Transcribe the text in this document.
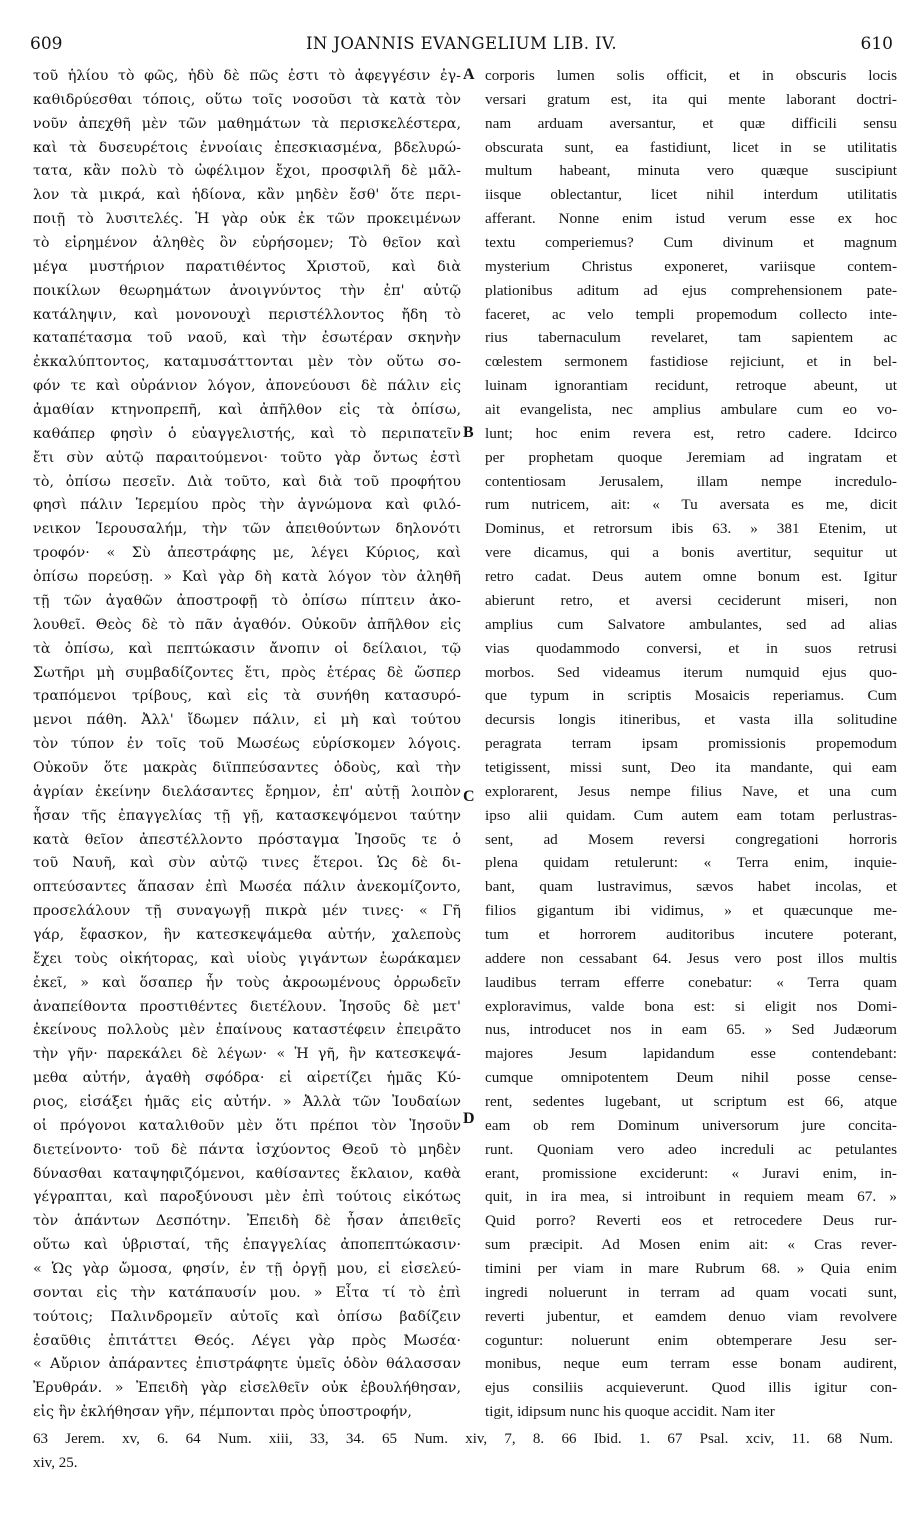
609	IN JOANNIS EVANGELIUM LIB. IV.	610
τοῦ ἡλίου τὸ φῶς, ἡδὺ δὲ πῶς ἐστι τὸ ἀφεγγέσιν ἐγ-
καθιδρύεσθαι τόποις, οὕτω τοῖς νοσοῦσι τὰ κατὰ τὸν
νοῦν ἀπεχθῆ μὲν τῶν μαθημάτων τὰ περισκελέστερα,
καὶ τὰ δυσευρέτοις ἐννοίαις ἐπεσκιασμένα, βδελυρώ-
τατα, κἂν πολὺ τὸ ὠφέλιμον ἔχοι, προσφιλῆ δὲ μᾶλ-
λον τὰ μικρά, καὶ ἡδίονα, κἂν μηδὲν ἔσθ' ὅτε περι-
ποιῇ τὸ λυσιτελές. Ἡ γὰρ οὐκ ἐκ τῶν προκειμένων
τὸ εἰρημένον ἀληθὲς ὂν εὑρήσομεν; Τὸ θεῖον καὶ
μέγα μυστήριον παρατιθέντος Χριστοῦ, καὶ διὰ
ποικίλων θεωρημάτων ἀνοιγνύντος τὴν ἐπ' αὐτῷ
κατάληψιν, καὶ μονονουχὶ περιστέλλοντος ἤδη τὸ
καταπέτασμα τοῦ ναοῦ, καὶ τὴν ἐσωτέραν σκηνὴν
ἐκκαλύπτοντος, καταμυσάττονται μὲν τὸν οὕτω σο-
φόν τε καὶ οὐράνιον λόγον, ἀπονεύουσι δὲ πάλιν εἰς
ἀμαθίαν κτηνοπρεπῆ, καὶ ἀπῆλθον εἰς τὰ ὀπίσω,
καθάπερ φησὶν ὁ εὐαγγελιστής, καὶ τὸ περιπατεῖν
ἔτι σὺν αὐτῷ παραιτούμενοι· τοῦτο γὰρ ὄντως ἐστὶ
τὸ, ὀπίσω πεσεῖν. Διὰ τοῦτο, καὶ διὰ τοῦ προφήτου
φησὶ πάλιν Ἱερεμίου πρὸς τὴν ἀγνώμονα καὶ φιλό-
νεικον Ἱερουσαλήμ, τὴν τῶν ἀπειθούντων δηλονότι
τροφόν· « Σὺ ἀπεστράφης με, λέγει Κύριος, καὶ
ὀπίσω πορεύσῃ. » Καὶ γὰρ δὴ κατὰ λόγον τὸν ἀληθῆ
τῇ τῶν ἀγαθῶν ἀποστροφῇ τὸ ὀπίσω πίπτειν ἀκο-
λουθεῖ. Θεὸς δὲ τὸ πᾶν ἀγαθόν. Οὐκοῦν ἀπῆλθον εἰς
τὰ ὀπίσω, καὶ πεπτώκασιν ἄνοπιν οἱ δείλαιοι, τῷ
Σωτῆρι μὴ συμβαδίζοντες ἔτι, πρὸς ἑτέρας δὲ ὥσπερ
τραπόμενοι τρίβους, καὶ εἰς τὰ συνήθη κατασυρό-
μενοι πάθη. Ἀλλ' ἴδωμεν πάλιν, εἰ μὴ καὶ τούτου
τὸν τύπον ἐν τοῖς τοῦ Μωσέως εὑρίσκομεν λόγοις.
Οὐκοῦν ὅτε μακρὰς διϊππεύσαντες ὁδοὺς, καὶ τὴν
ἀγρίαν ἐκείνην διελάσαντες ἔρημον, ἐπ' αὐτῇ λοιπὸν
ἦσαν τῆς ἐπαγγελίας τῇ γῇ, κατασκεψόμενοι ταύτην
κατὰ θεῖον ἀπεστέλλοντο πρόσταγμα Ἰησοῦς τε ὁ
τοῦ Ναυῆ, καὶ σὺν αὐτῷ τινες ἕτεροι. Ὡς δὲ δι-
οπτεύσαντες ἅπασαν ἐπὶ Μωσέα πάλιν ἀνεκομίζοντο,
προσελάλουν τῇ συναγωγῇ πικρὰ μέν τινες· « Γῆ
γάρ, ἔφασκον, ἣν κατεσκεψάμεθα αὐτήν, χαλεποὺς
ἔχει τοὺς οἰκήτορας, καὶ υἱοὺς γιγάντων ἑωράκαμεν
ἐκεῖ, » καὶ ὅσαπερ ἦν τοὺς ἀκροωμένους ὀρρωδεῖν
ἀναπείθοντα προστιθέντες διετέλουν. Ἰησοῦς δὲ μετ'
ἐκείνους πολλοὺς μὲν ἐπαίνους καταστέφειν ἐπειρᾶτο
τὴν γῆν· παρεκάλει δὲ λέγων· « Ἡ γῆ, ἣν κατεσκεψά-
μεθα αὐτήν, ἀγαθὴ σφόδρα· εἰ αἱρετίζει ἡμᾶς Κύ-
ριος, εἰσάξει ἡμᾶς εἰς αὐτήν. » Ἀλλὰ τῶν Ἰουδαίων
οἱ πρόγονοι καταλιθοῦν μὲν ὅτι πρέποι τὸν Ἰησοῦν
διετείνοντο· τοῦ δὲ πάντα ἰσχύοντος Θεοῦ τὸ μηδὲν
δύνασθαι καταψηφιζόμενοι, καθίσαντες ἔκλαιον, καθὰ
γέγραπται, καὶ παροξύνουσι μὲν ἐπὶ τούτοις εἰκότως
τὸν ἁπάντων Δεσπότην. Ἐπειδὴ δὲ ἦσαν ἀπειθεῖς
οὕτω καὶ ὑβρισταί, τῆς ἐπαγγελίας ἀποπεπτώκασιν·
« Ὡς γὰρ ὤμοσα, φησίν, ἐν τῇ ὀργῇ μου, εἰ εἰσελεύ-
σονται εἰς τὴν κατάπαυσίν μου. » Εἶτα τί τὸ ἐπὶ
τούτοις; Παλινδρομεῖν αὐτοῖς καὶ ὀπίσω βαδίζειν
ἐσαῦθις ἐπιτάττει Θεός. Λέγει γὰρ πρὸς Μωσέα·
« Αὔριον ἀπάραντες ἐπιστράφητε ὑμεῖς ὁδὸν θάλασσαν
Ἐρυθράν. » Ἐπειδὴ γὰρ εἰσελθεῖν οὐκ ἐβουλήθησαν,
εἰς ἣν ἐκλήθησαν γῆν, πέμπονται πρὸς ὑποστροφήν,
corporis lumen solis officit, et in obscuris locis
versari gratum est, ita qui mente laborant doctri-
nam arduam aversantur, et quæ difficili sensu
obscurata sunt, ea fastidiunt, licet in se utilitatis
multum habeant, minuta vero quæque suscipiunt
iisque oblectantur, licet nihil interdum utilitatis
afferant. Nonne enim istud verum esse ex hoc
textu comperiemus? Cum divinum et magnum
mysterium Christus exponeret, variisque contem-
plationibus aditum ad ejus comprehensionem pate-
faceret, ac velo templi propemodum collecto inte-
rius tabernaculum revelaret, tam sapientem ac
cœlestem sermonem fastidiose rejiciunt, et in bel-
luinam ignorantiam recidunt, retroque abeunt, ut
ait evangelista, nec amplius ambulare cum eo vo-
lunt; hoc enim revera est, retro cadere. Idcirco
per prophetam quoque Jeremiam ad ingratam et
contentiosam Jerusalem, illam nempe incredulo-
rum nutricem, ait: « Tu aversata es me, dicit
Dominus, et retrorsum ibis 63. » 381 Etenim, ut
vere dicamus, qui a bonis avertitur, sequitur ut
retro cadat. Deus autem omne bonum est. Igitur
abierunt retro, et aversi ceciderunt miseri, non
amplius cum Salvatore ambulantes, sed ad alias
vias quodammodo conversi, et in suos retrusi
morbos. Sed videamus iterum numquid ejus quo-
que typum in scriptis Mosaicis reperiamus. Cum
decursis longis itineribus, et vasta illa solitudine
peragrata terram ipsam promissionis propemodum
tetigissent, missi sunt, Deo ita mandante, qui eam
explorarent, Jesus nempe filius Nave, et una cum
ipso alii quidam. Cum autem eam totam perlustras-
sent, ad Mosem reversi congregationi horroris
plena quidam retulerunt: « Terra enim, inquie-
bant, quam lustravimus, sævos habet incolas, et
filios gigantum ibi vidimus, » et quæcunque me-
tum et horrorem auditoribus incutere poterant,
addere non cessabant 64. Jesus vero post illos multis
laudibus terram efferre conebatur: « Terra quam
exploravimus, valde bona est: si eligit nos Domi-
nus, introducet nos in eam 65. » Sed Judæorum
majores Jesum lapidandum esse contendebant:
cumque omnipotentem Deum nihil posse cense-
rent, sedentes lugebant, ut scriptum est 66, atque
eam ob rem Dominum universorum jure concita-
runt. Quoniam vero adeo increduli ac petulantes
erant, promissione exciderunt: « Juravi enim, in-
quit, in ira mea, si introibunt in requiem meam 67. »
Quid porro? Reverti eos et retrocedere Deus rur-
sum præcipit. Ad Mosen enim ait: « Cras rever-
timini per viam in mare Rubrum 68. » Quia enim
ingredi noluerunt in terram ad quam vocati sunt,
reverti jubentur, et eamdem denuo viam revolvere
coguntur: noluerunt enim obtemperare Jesu ser-
monibus, neque eum terram esse bonam audirent,
ejus consiliis acquieverunt. Quod illis igitur con-
tigit, idipsum nunc his quoque accidit. Nam iter
A
B
C
D
63 Jerem. xv, 6. 64 Num. xiii, 33, 34. 65 Num. xiv, 7, 8. 66 Ibid. 1. 67 Psal. xciv, 11. 68 Num.
xiv, 25.
